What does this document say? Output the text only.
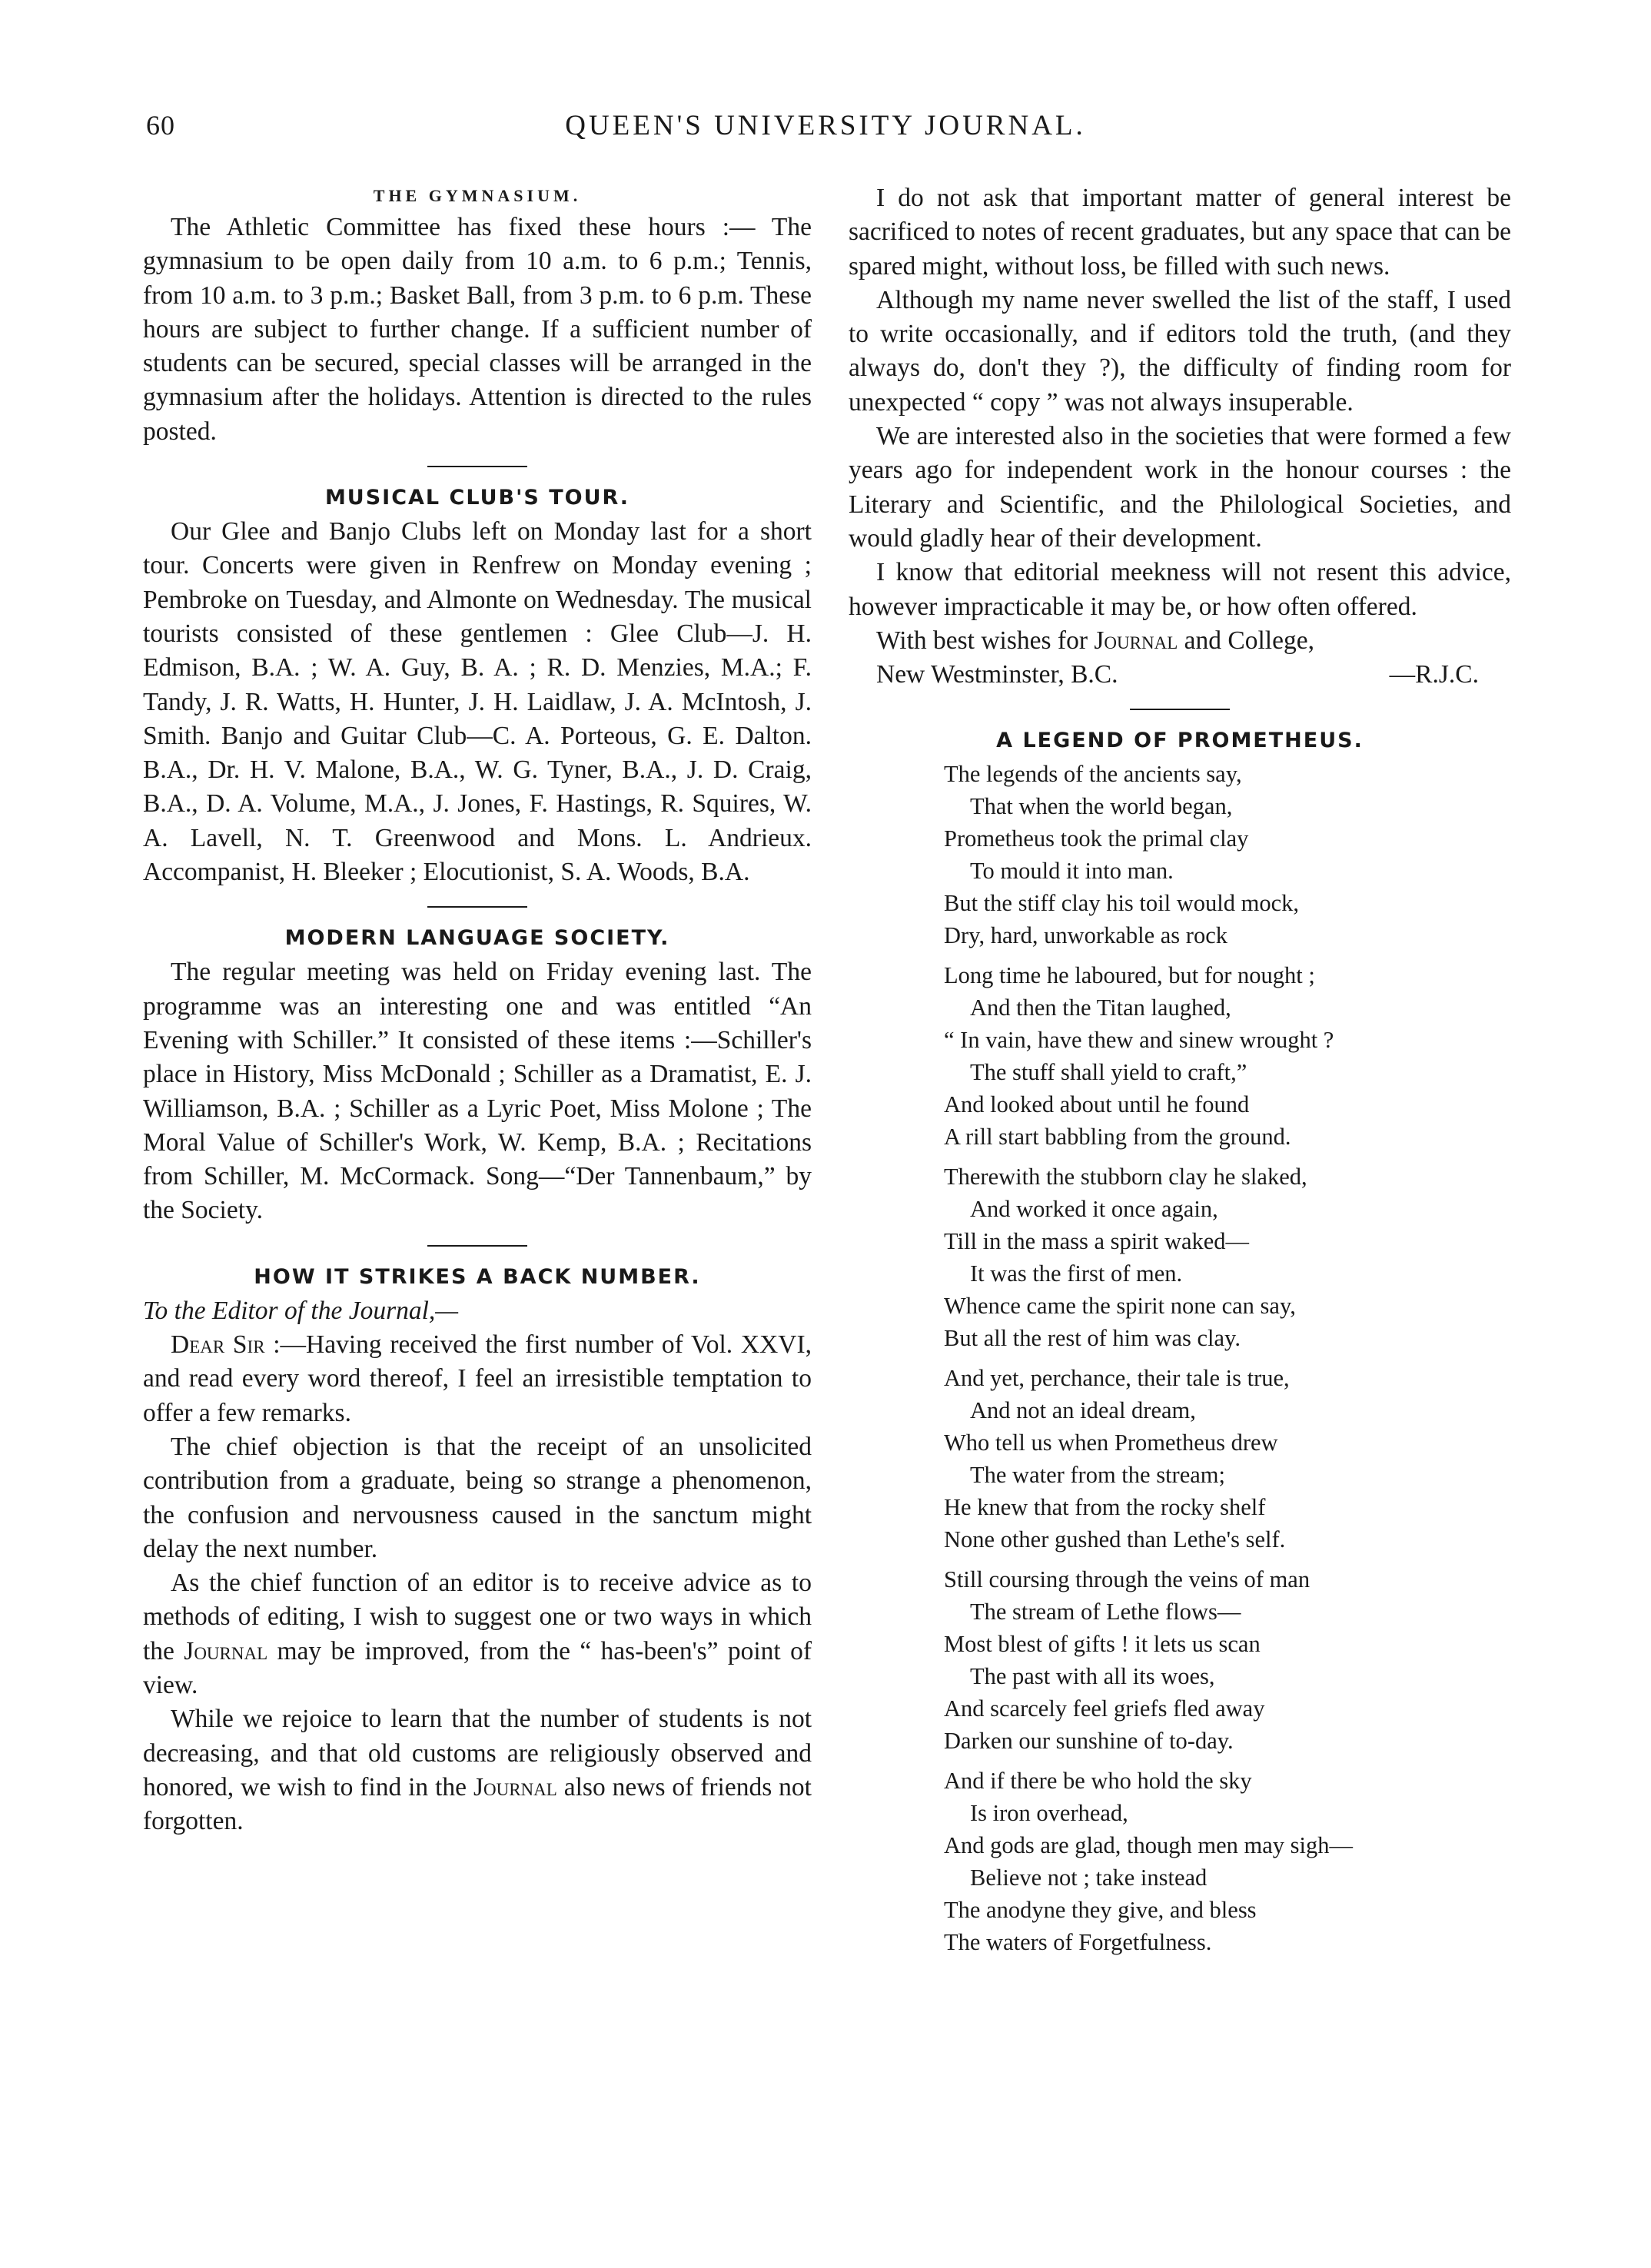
60	QUEEN'S UNIVERSITY JOURNAL.
THE GYMNASIUM.

The Athletic Committee has fixed these hours :— The gymnasium to be open daily from 10 a.m. to 6 p.m.; Tennis, from 10 a.m. to 3 p.m.; Basket Ball, from 3 p.m. to 6 p.m. These hours are subject to further change. If a sufficient number of students can be secured, special classes will be arranged in the gymnasium after the holidays. Attention is directed to the rules posted.

MUSICAL CLUB'S TOUR.

Our Glee and Banjo Clubs left on Monday last for a short tour. Concerts were given in Renfrew on Monday evening ; Pembroke on Tuesday, and Almonte on Wednesday. The musical tourists consisted of these gentlemen : Glee Club—J. H. Edmison, B.A. ; W. A. Guy, B. A. ; R. D. Menzies, M.A.; F. Tandy, J. R. Watts, H. Hunter, J. H. Laidlaw, J. A. McIntosh, J. Smith. Banjo and Guitar Club—C. A. Porteous, G. E. Dalton. B.A., Dr. H. V. Malone, B.A., W. G. Tyner, B.A., J. D. Craig, B.A., D. A. Volume, M.A., J. Jones, F. Hastings, R. Squires, W. A. Lavell, N. T. Greenwood and Mons. L. Andrieux. Accompanist, H. Bleeker ; Elocutionist, S. A. Woods, B.A.

MODERN LANGUAGE SOCIETY.

The regular meeting was held on Friday evening last. The programme was an interesting one and was entitled “An Evening with Schiller.” It consisted of these items :—Schiller's place in History, Miss McDonald ; Schiller as a Dramatist, E. J. Williamson, B.A. ; Schiller as a Lyric Poet, Miss Molone ; The Moral Value of Schiller's Work, W. Kemp, B.A. ; Recitations from Schiller, M. McCormack. Song—“Der Tannenbaum,” by the Society.

HOW IT STRIKES A BACK NUMBER.

To the Editor of the Journal,—

Dear Sir :—Having received the first number of Vol. XXVI, and read every word thereof, I feel an irresistible temptation to offer a few remarks.

The chief objection is that the receipt of an unsolicited contribution from a graduate, being so strange a phenomenon, the confusion and nervousness caused in the sanctum might delay the next number.

As the chief function of an editor is to receive advice as to methods of editing, I wish to suggest one or two ways in which the Journal may be improved, from the “ has-been's” point of view.

While we rejoice to learn that the number of students is not decreasing, and that old customs are religiously observed and honored, we wish to find in the Journal also news of friends not forgotten.

I do not ask that important matter of general interest be sacrificed to notes of recent graduates, but any space that can be spared might, without loss, be filled with such news.

Although my name never swelled the list of the staff, I used to write occasionally, and if editors told the truth, (and they always do, don't they ?), the difficulty of finding room for unexpected “ copy ” was not always insuperable.

We are interested also in the societies that were formed a few years ago for independent work in the honour courses : the Literary and Scientific, and the Philological Societies, and would gladly hear of their development.

I know that editorial meekness will not resent this advice, however impracticable it may be, or how often offered.

With best wishes for Journal and College,

New Westminster, B.C.	—R.J.C.
A LEGEND OF PROMETHEUS.
The legends of the ancients say,
That when the world began,
Prometheus took the primal clay
To mould it into man.
But the stiff clay his toil would mock,
Dry, hard, unworkable as rock
Long time he laboured, but for nought ;
And then the Titan laughed,
“ In vain, have thew and sinew wrought ?
The stuff shall yield to craft,”
And looked about until he found
A rill start babbling from the ground.
Therewith the stubborn clay he slaked,
And worked it once again,
Till in the mass a spirit waked—
It was the first of men.
Whence came the spirit none can say,
But all the rest of him was clay.
And yet, perchance, their tale is true,
And not an ideal dream,
Who tell us when Prometheus drew
The water from the stream;
He knew that from the rocky shelf
None other gushed than Lethe's self.
Still coursing through the veins of man
The stream of Lethe flows—
Most blest of gifts ! it lets us scan
The past with all its woes,
And scarcely feel griefs fled away
Darken our sunshine of to-day.
And if there be who hold the sky
Is iron overhead,
And gods are glad, though men may sigh—
Believe not ; take instead
The anodyne they give, and bless
The waters of Forgetfulness.
